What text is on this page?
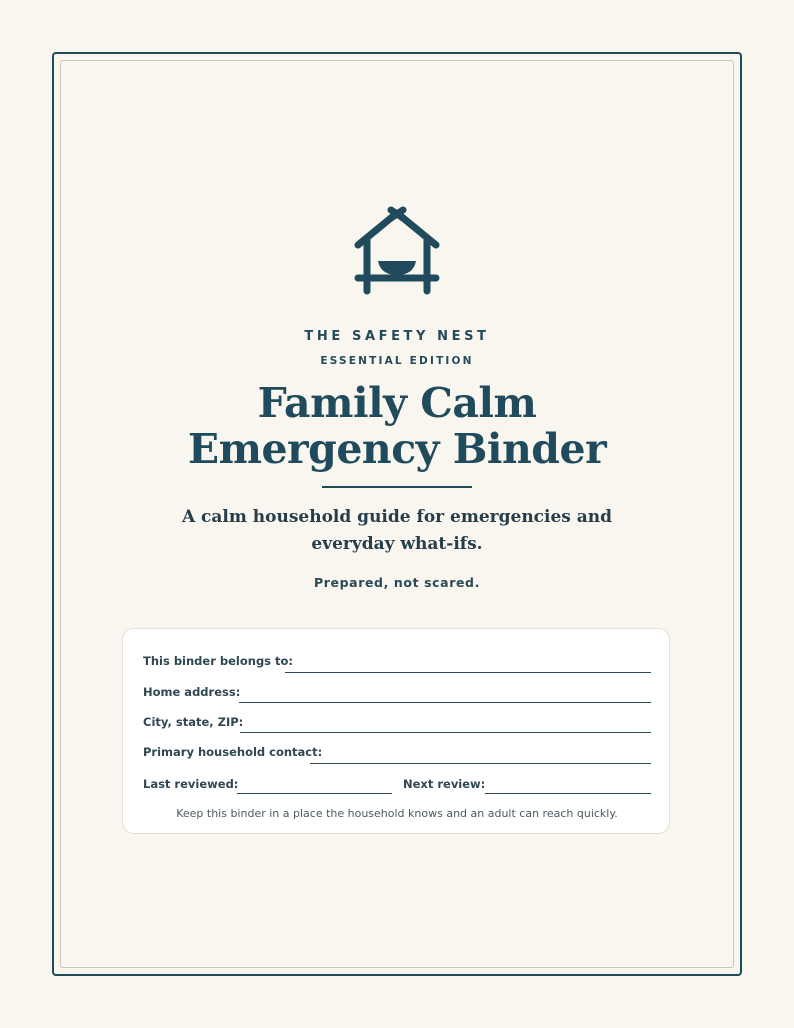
THE SAFETY NEST
ESSENTIAL EDITION
Family Calm
Emergency Binder
A calm household guide for emergencies and everyday what-ifs.
Prepared, not scared.
This binder belongs to:
Home address:
City, state, ZIP:
Primary household contact:
Last reviewed:	Next review:
Keep this binder in a place the household knows and an adult can reach quickly.
